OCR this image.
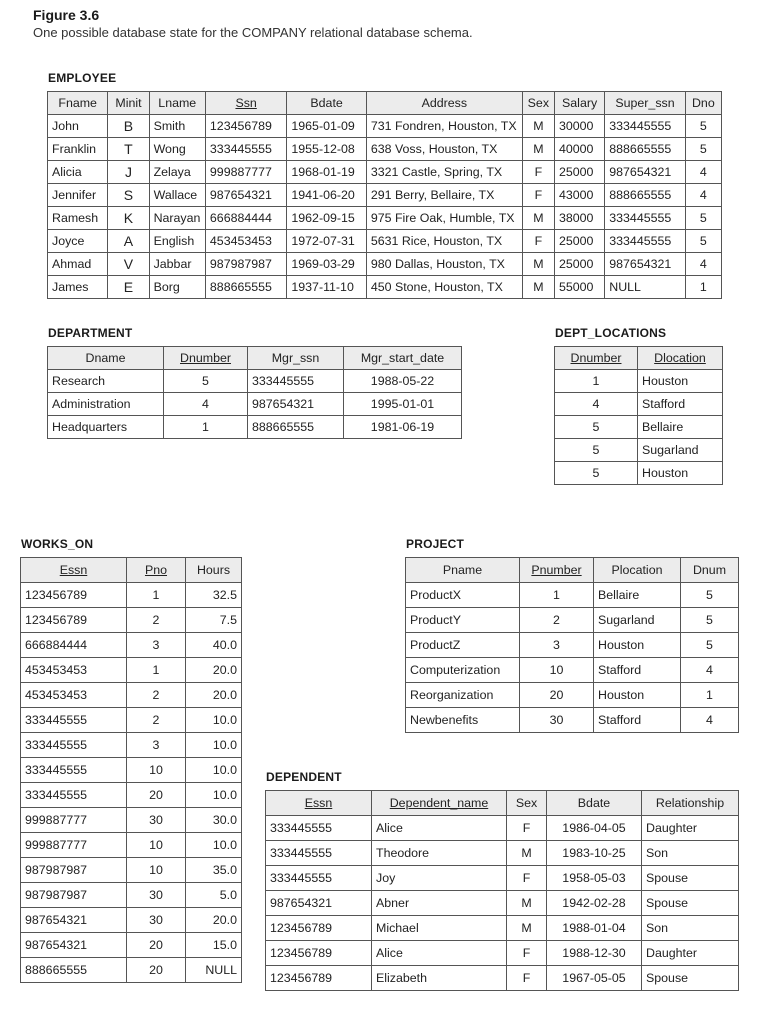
Figure 3.6
One possible database state for the COMPANY relational database schema.
EMPLOYEE
Fname	Minit	Lname	Ssn	Bdate	Address	Sex	Salary	Super_ssn	Dno
John	B	Smith	123456789	1965-01-09	731 Fondren, Houston, TX	M	30000	333445555	5
Franklin	T	Wong	333445555	1955-12-08	638 Voss, Houston, TX	M	40000	888665555	5
Alicia	J	Zelaya	999887777	1968-01-19	3321 Castle, Spring, TX	F	25000	987654321	4
Jennifer	S	Wallace	987654321	1941-06-20	291 Berry, Bellaire, TX	F	43000	888665555	4
Ramesh	K	Narayan	666884444	1962-09-15	975 Fire Oak, Humble, TX	M	38000	333445555	5
Joyce	A	English	453453453	1972-07-31	5631 Rice, Houston, TX	F	25000	333445555	5
Ahmad	V	Jabbar	987987987	1969-03-29	980 Dallas, Houston, TX	M	25000	987654321	4
James	E	Borg	888665555	1937-11-10	450 Stone, Houston, TX	M	55000	NULL	1
DEPARTMENT
Dname	Dnumber	Mgr_ssn	Mgr_start_date
Research	5	333445555	1988-05-22
Administration	4	987654321	1995-01-01
Headquarters	1	888665555	1981-06-19
DEPT_LOCATIONS
Dnumber	Dlocation
1	Houston
4	Stafford
5	Bellaire
5	Sugarland
5	Houston
WORKS_ON
Essn	Pno	Hours
123456789	1	32.5
123456789	2	7.5
666884444	3	40.0
453453453	1	20.0
453453453	2	20.0
333445555	2	10.0
333445555	3	10.0
333445555	10	10.0
333445555	20	10.0
999887777	30	30.0
999887777	10	10.0
987987987	10	35.0
987987987	30	5.0
987654321	30	20.0
987654321	20	15.0
888665555	20	NULL
PROJECT
Pname	Pnumber	Plocation	Dnum
ProductX	1	Bellaire	5
ProductY	2	Sugarland	5
ProductZ	3	Houston	5
Computerization	10	Stafford	4
Reorganization	20	Houston	1
Newbenefits	30	Stafford	4
DEPENDENT
Essn	Dependent_name	Sex	Bdate	Relationship
333445555	Alice	F	1986-04-05	Daughter
333445555	Theodore	M	1983-10-25	Son
333445555	Joy	F	1958-05-03	Spouse
987654321	Abner	M	1942-02-28	Spouse
123456789	Michael	M	1988-01-04	Son
123456789	Alice	F	1988-12-30	Daughter
123456789	Elizabeth	F	1967-05-05	Spouse
